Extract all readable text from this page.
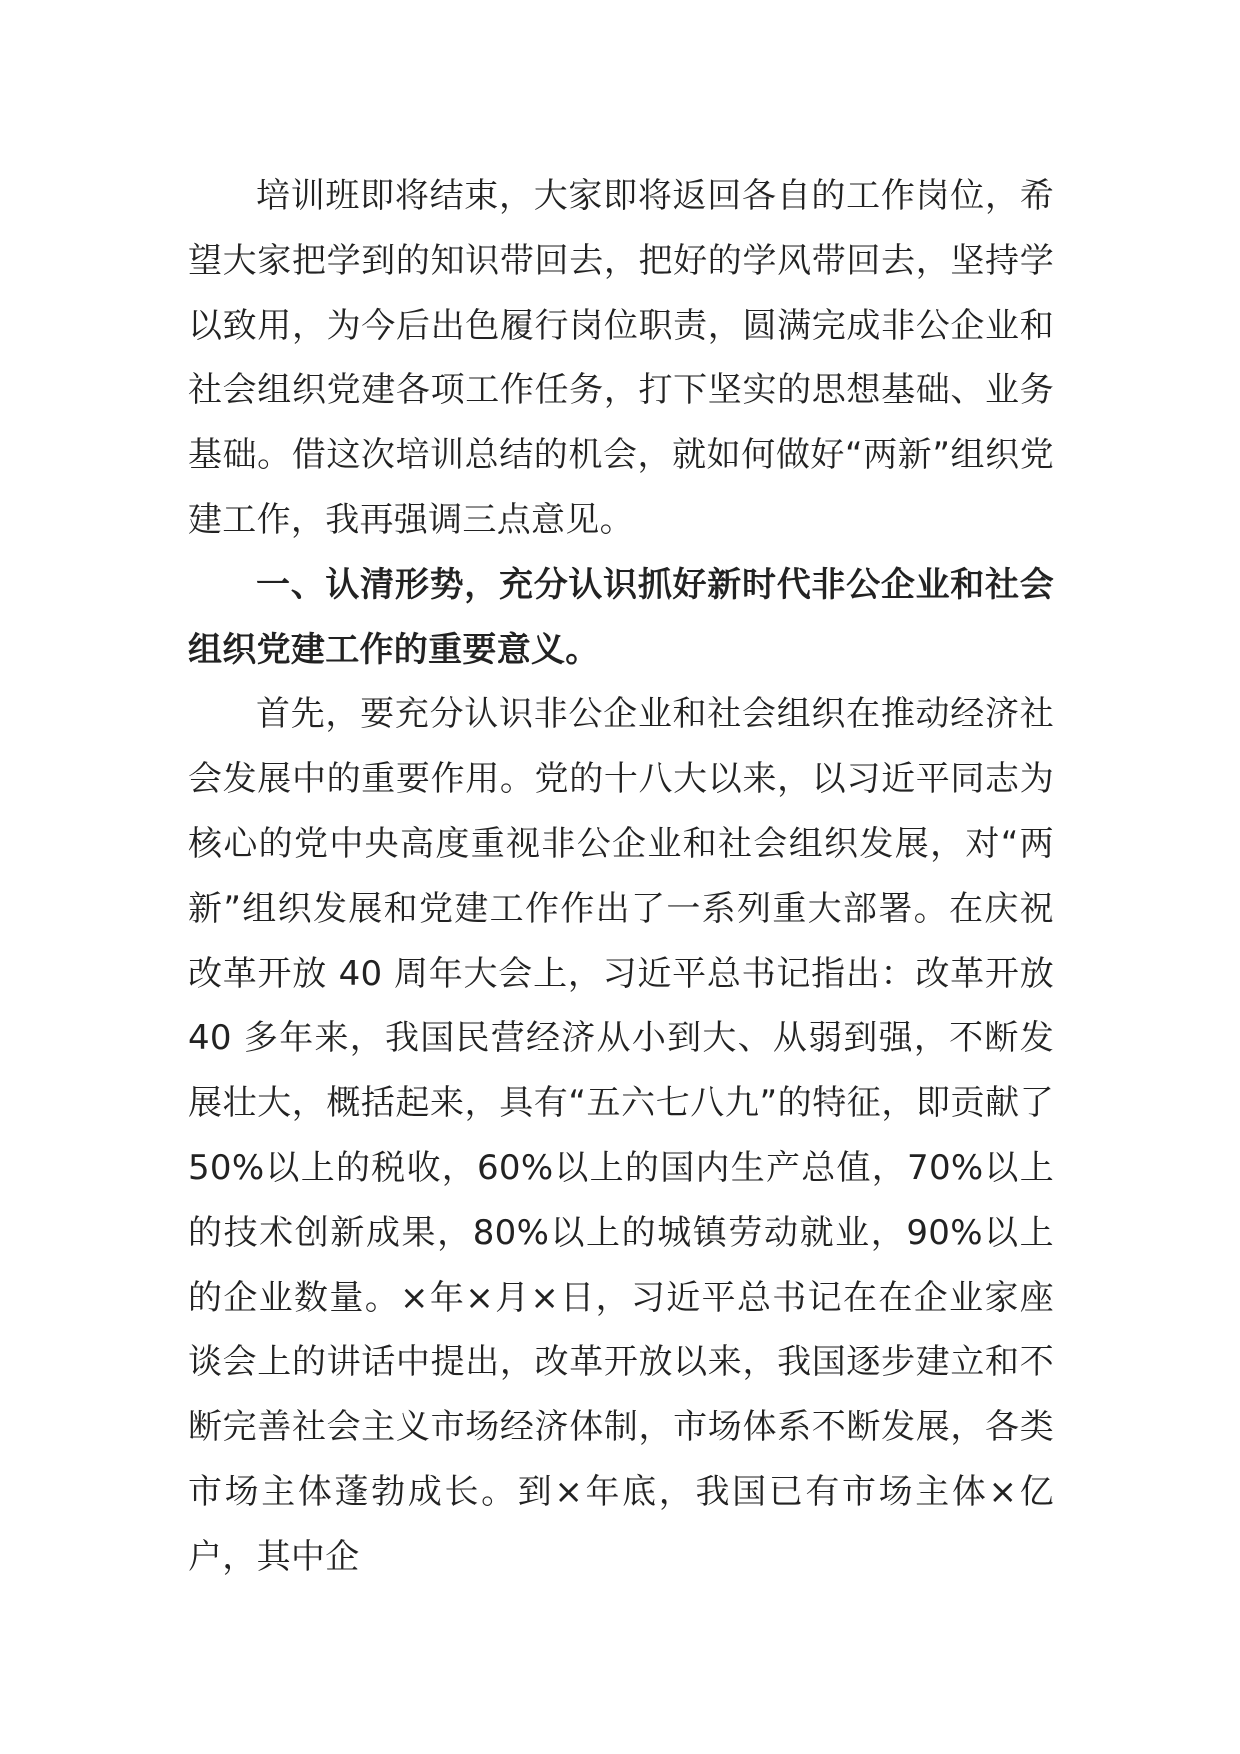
培训班即将结束，大家即将返回各自的工作岗位，希望大家把学到的知识带回去，把好的学风带回去，坚持学以致用，为今后出色履行岗位职责，圆满完成非公企业和社会组织党建各项工作任务，打下坚实的思想基础、业务基础。借这次培训总结的机会，就如何做好“两新”组织党建工作，我再强调三点意见。

一、认清形势，充分认识抓好新时代非公企业和社会组织党建工作的重要意义。

首先，要充分认识非公企业和社会组织在推动经济社会发展中的重要作用。党的十八大以来，以习近平同志为核心的党中央高度重视非公企业和社会组织发展，对“两新”组织发展和党建工作作出了一系列重大部署。在庆祝改革开放 40 周年大会上，习近平总书记指出：改革开放 40 多年来，我国民营经济从小到大、从弱到强，不断发展壮大，概括起来，具有“五六七八九”的特征，即贡献了 50%以上的税收，60%以上的国内生产总值，70%以上的技术创新成果，80%以上的城镇劳动就业，90%以上的企业数量。×年×月×日，习近平总书记在在企业家座谈会上的讲话中提出，改革开放以来，我国逐步建立和不断完善社会主义市场经济体制，市场体系不断发展，各类市场主体蓬勃成长。到×年底，我国已有市场主体×亿户，其中企
